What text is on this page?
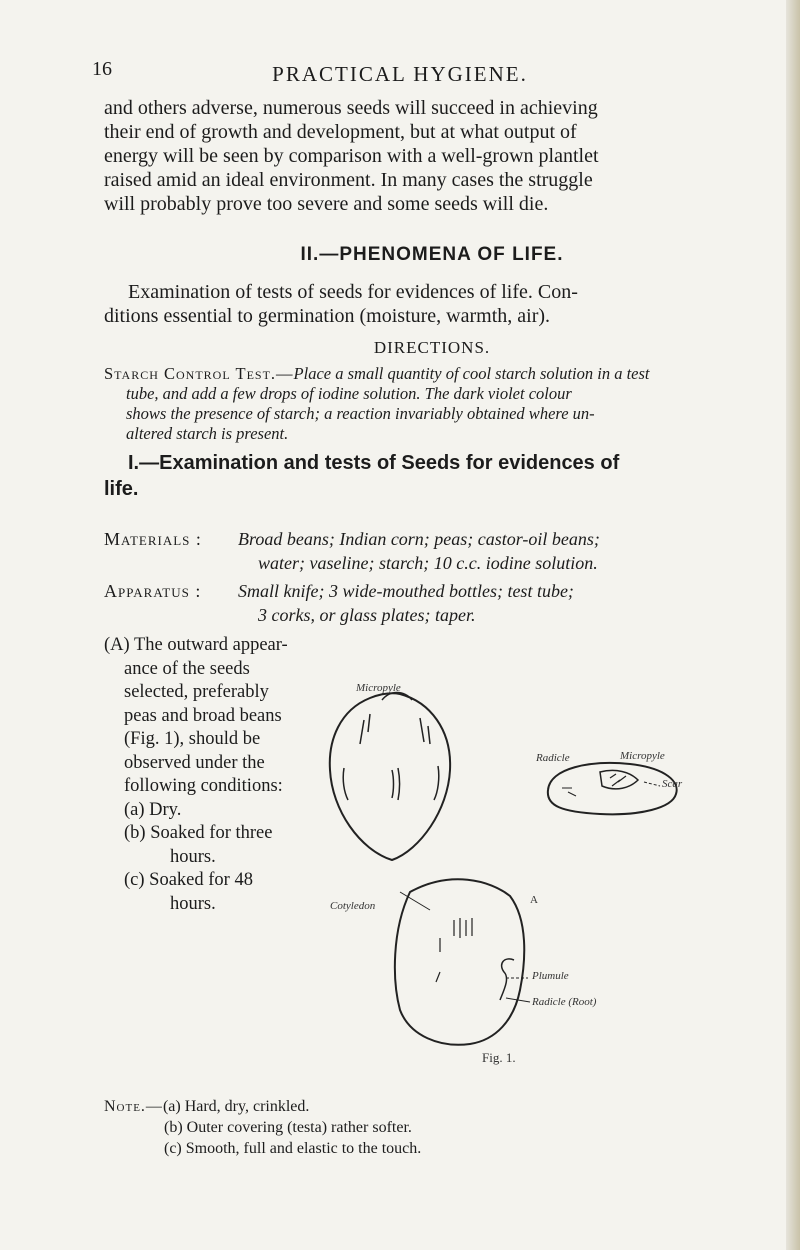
16	PRACTICAL HYGIENE.

and others adverse, numerous seeds will succeed in achieving

their end of growth and development, but at what output of

energy will be seen by comparison with a well-grown plantlet

raised amid an ideal environment. In many cases the struggle

will probably prove too severe and some seeds will die.

II.—PHENOMENA OF LIFE.

Examination of tests of seeds for evidences of life. Con-

ditions essential to germination (moisture, warmth, air).

DIRECTIONS.
Starch Control Test.—Place a small quantity of cool starch solution in a test
tube, and add a few drops of iodine solution. The dark violet colour
shows the presence of starch; a reaction invariably obtained where un-
altered starch is present.
I.—Examination and tests of Seeds for evidences of
life.
Materials : Broad beans; Indian corn; peas; castor-oil beans;
water; vaseline; starch; 10 c.c. iodine solution.
Apparatus : Small knife; 3 wide-mouthed bottles; test tube;
3 corks, or glass plates; taper.
(A) The outward appear-
ance of the seeds
selected, preferably
peas and broad beans
(Fig. 1), should be
observed under the
following conditions:
(a) Dry.
(b) Soaked for three
hours.
(c) Soaked for 48
hours.
Micropyle
Radicle	Micropyle
Scar
Cotyledon	A
Plumule
Radicle (Root)
Fig. 1.
Note.—(a) Hard, dry, crinkled.
(b) Outer covering (testa) rather softer.
(c) Smooth, full and elastic to the touch.
